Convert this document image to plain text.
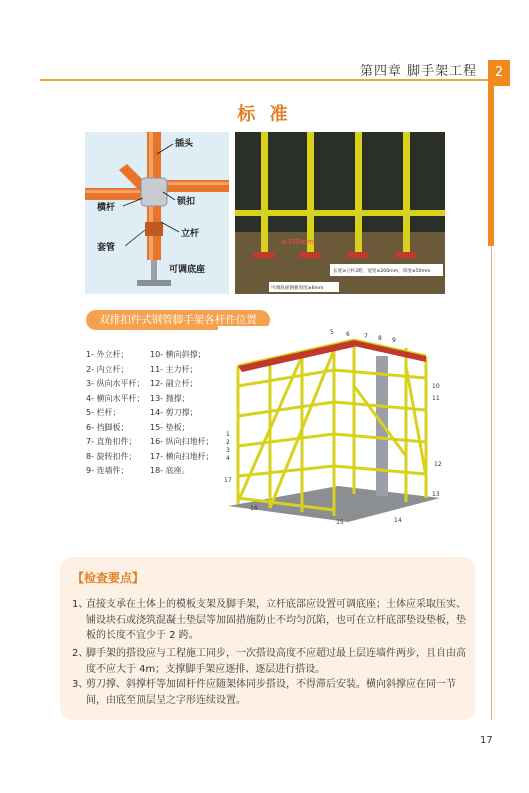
第四章 脚手架工程	2
标 准
插头
横杆
锁扣
立杆
套管
可调底座
≤350mm
长度≥立杆2跨，宽度≥200mm，厚度≥50mm
可调底座钢板厚度≥6mm
双排扣件式钢管脚手架各杆件位置
1- 外立杆；
2- 内立杆；
3- 纵向水平杆；
4- 横向水平杆；
5- 栏杆；
6- 挡脚板；
7- 直角扣件；
8- 旋转扣件；
9- 连墙件；
10- 横向斜撑；
11- 主力杆；
12- 副立杆；
13- 抛撑；
14- 剪刀撑；
15- 垫板；
16- 纵向扫地杆；
17- 横向扫地杆；
18- 底座。
5 6 7 8 9
10
11
12
13
14
15
16
17
1
2
3
4
【检查要点】
1、
直接支承在土体上的模板支架及脚手架，立杆底部应设置可调底座；土体应采取压实、铺设块石或浇筑混凝土垫层等加固措施防止不均匀沉陷，也可在立杆底部垫设垫板，垫板的长度不宜少于 2 跨。
2、
脚手架的搭设应与工程施工同步，一次搭设高度不应超过最上层连墙件两步，且自由高度不应大于 4m；支撑脚手架应逐排、逐层进行搭设。
3、
剪刀撑、斜撑杆等加固杆件应随架体同步搭设，不得滞后安装。横向斜撑应在同一节间，由底至顶层呈之字形连续设置。
17
